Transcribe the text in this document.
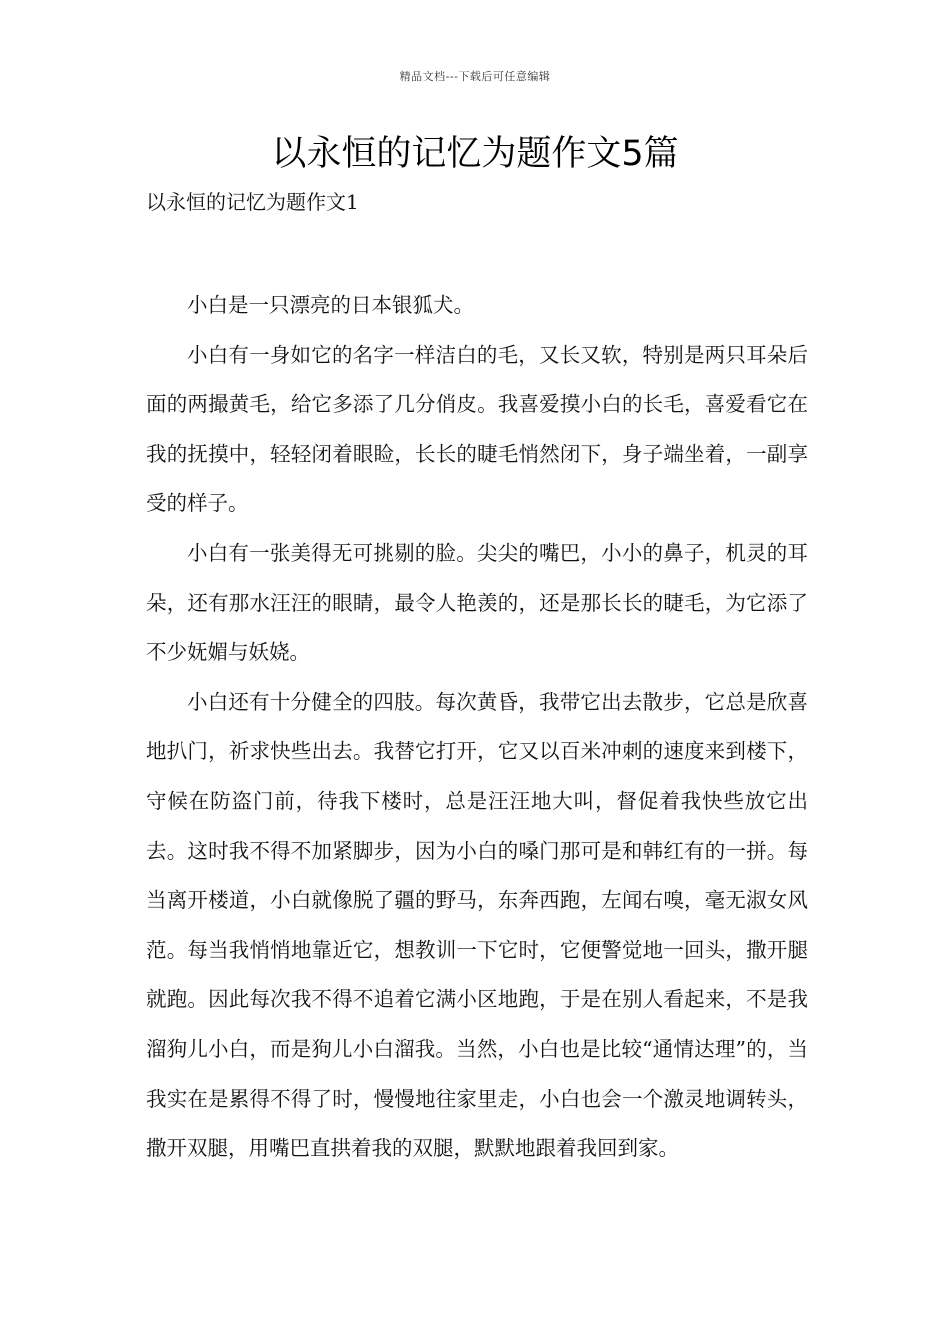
精品文档---下载后可任意编辑
以永恒的记忆为题作文5篇
以永恒的记忆为题作文1

小白是一只漂亮的日本银狐犬。

小白有一身如它的名字一样洁白的毛，又长又软，特别是两只耳朵后面的两撮黄毛，给它多添了几分俏皮。我喜爱摸小白的长毛，喜爱看它在我的抚摸中，轻轻闭着眼睑，长长的睫毛悄然闭下，身子端坐着，一副享受的样子。

小白有一张美得无可挑剔的脸。尖尖的嘴巴，小小的鼻子，机灵的耳朵，还有那水汪汪的眼睛，最令人艳羡的，还是那长长的睫毛，为它添了不少妩媚与妖娆。

小白还有十分健全的四肢。每次黄昏，我带它出去散步，它总是欣喜地扒门，祈求快些出去。我替它打开，它又以百米冲刺的速度来到楼下，守候在防盗门前，待我下楼时，总是汪汪地大叫，督促着我快些放它出去。这时我不得不加紧脚步，因为小白的嗓门那可是和韩红有的一拼。每当离开楼道，小白就像脱了疆的野马，东奔西跑，左闻右嗅，毫无淑女风范。每当我悄悄地靠近它，想教训一下它时，它便警觉地一回头，撒开腿就跑。因此每次我不得不追着它满小区地跑，于是在别人看起来，不是我溜狗儿小白，而是狗儿小白溜我。当然，小白也是比较“通情达理”的，当我实在是累得不得了时，慢慢地往家里走，小白也会一个激灵地调转头，撒开双腿，用嘴巴直拱着我的双腿，默默地跟着我回到家。
